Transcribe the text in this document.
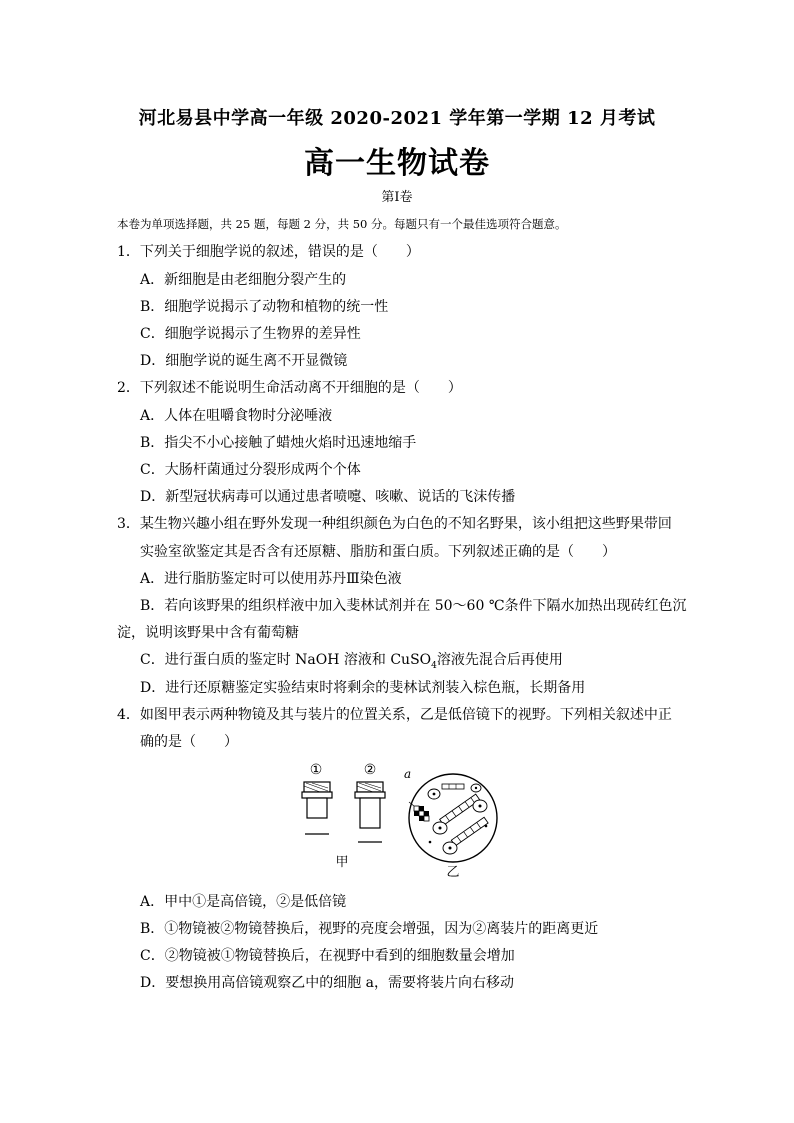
河北易县中学高一年级 2020-2021 学年第一学期 12 月考试
高一生物试卷
第Ⅰ卷
本卷为单项选择题，共 25 题，每题 2 分，共 50 分。每题只有一个最佳选项符合题意。
1．下列关于细胞学说的叙述，错误的是（　　）
A．新细胞是由老细胞分裂产生的
B．细胞学说揭示了动物和植物的统一性
C．细胞学说揭示了生物界的差异性
D．细胞学说的诞生离不开显微镜
2．下列叙述不能说明生命活动离不开细胞的是（　　）
A．人体在咀嚼食物时分泌唾液
B．指尖不小心接触了蜡烛火焰时迅速地缩手
C．大肠杆菌通过分裂形成两个个体
D．新型冠状病毒可以通过患者喷嚏、咳嗽、说话的飞沫传播
3．某生物兴趣小组在野外发现一种组织颜色为白色的不知名野果，该小组把这些野果带回
实验室欲鉴定其是否含有还原糖、脂肪和蛋白质。下列叙述正确的是（　　）
A．进行脂肪鉴定时可以使用苏丹Ⅲ染色液
B．若向该野果的组织样液中加入斐林试剂并在 50～60 ℃条件下隔水加热出现砖红色沉
淀，说明该野果中含有葡萄糖
C．进行蛋白质的鉴定时 NaOH 溶液和 CuSO$_4$溶液先混合后再使用
D．进行还原糖鉴定实验结束时将剩余的斐林试剂装入棕色瓶，长期备用
4．如图甲表示两种物镜及其与装片的位置关系，乙是低倍镜下的视野。下列相关叙述中正
确的是（　　）
①	②
甲
a
乙
A．甲中①是高倍镜，②是低倍镜
B．①物镜被②物镜替换后，视野的亮度会增强，因为②离装片的距离更近
C．②物镜被①物镜替换后，在视野中看到的细胞数量会增加
D．要想换用高倍镜观察乙中的细胞 a，需要将装片向右移动
